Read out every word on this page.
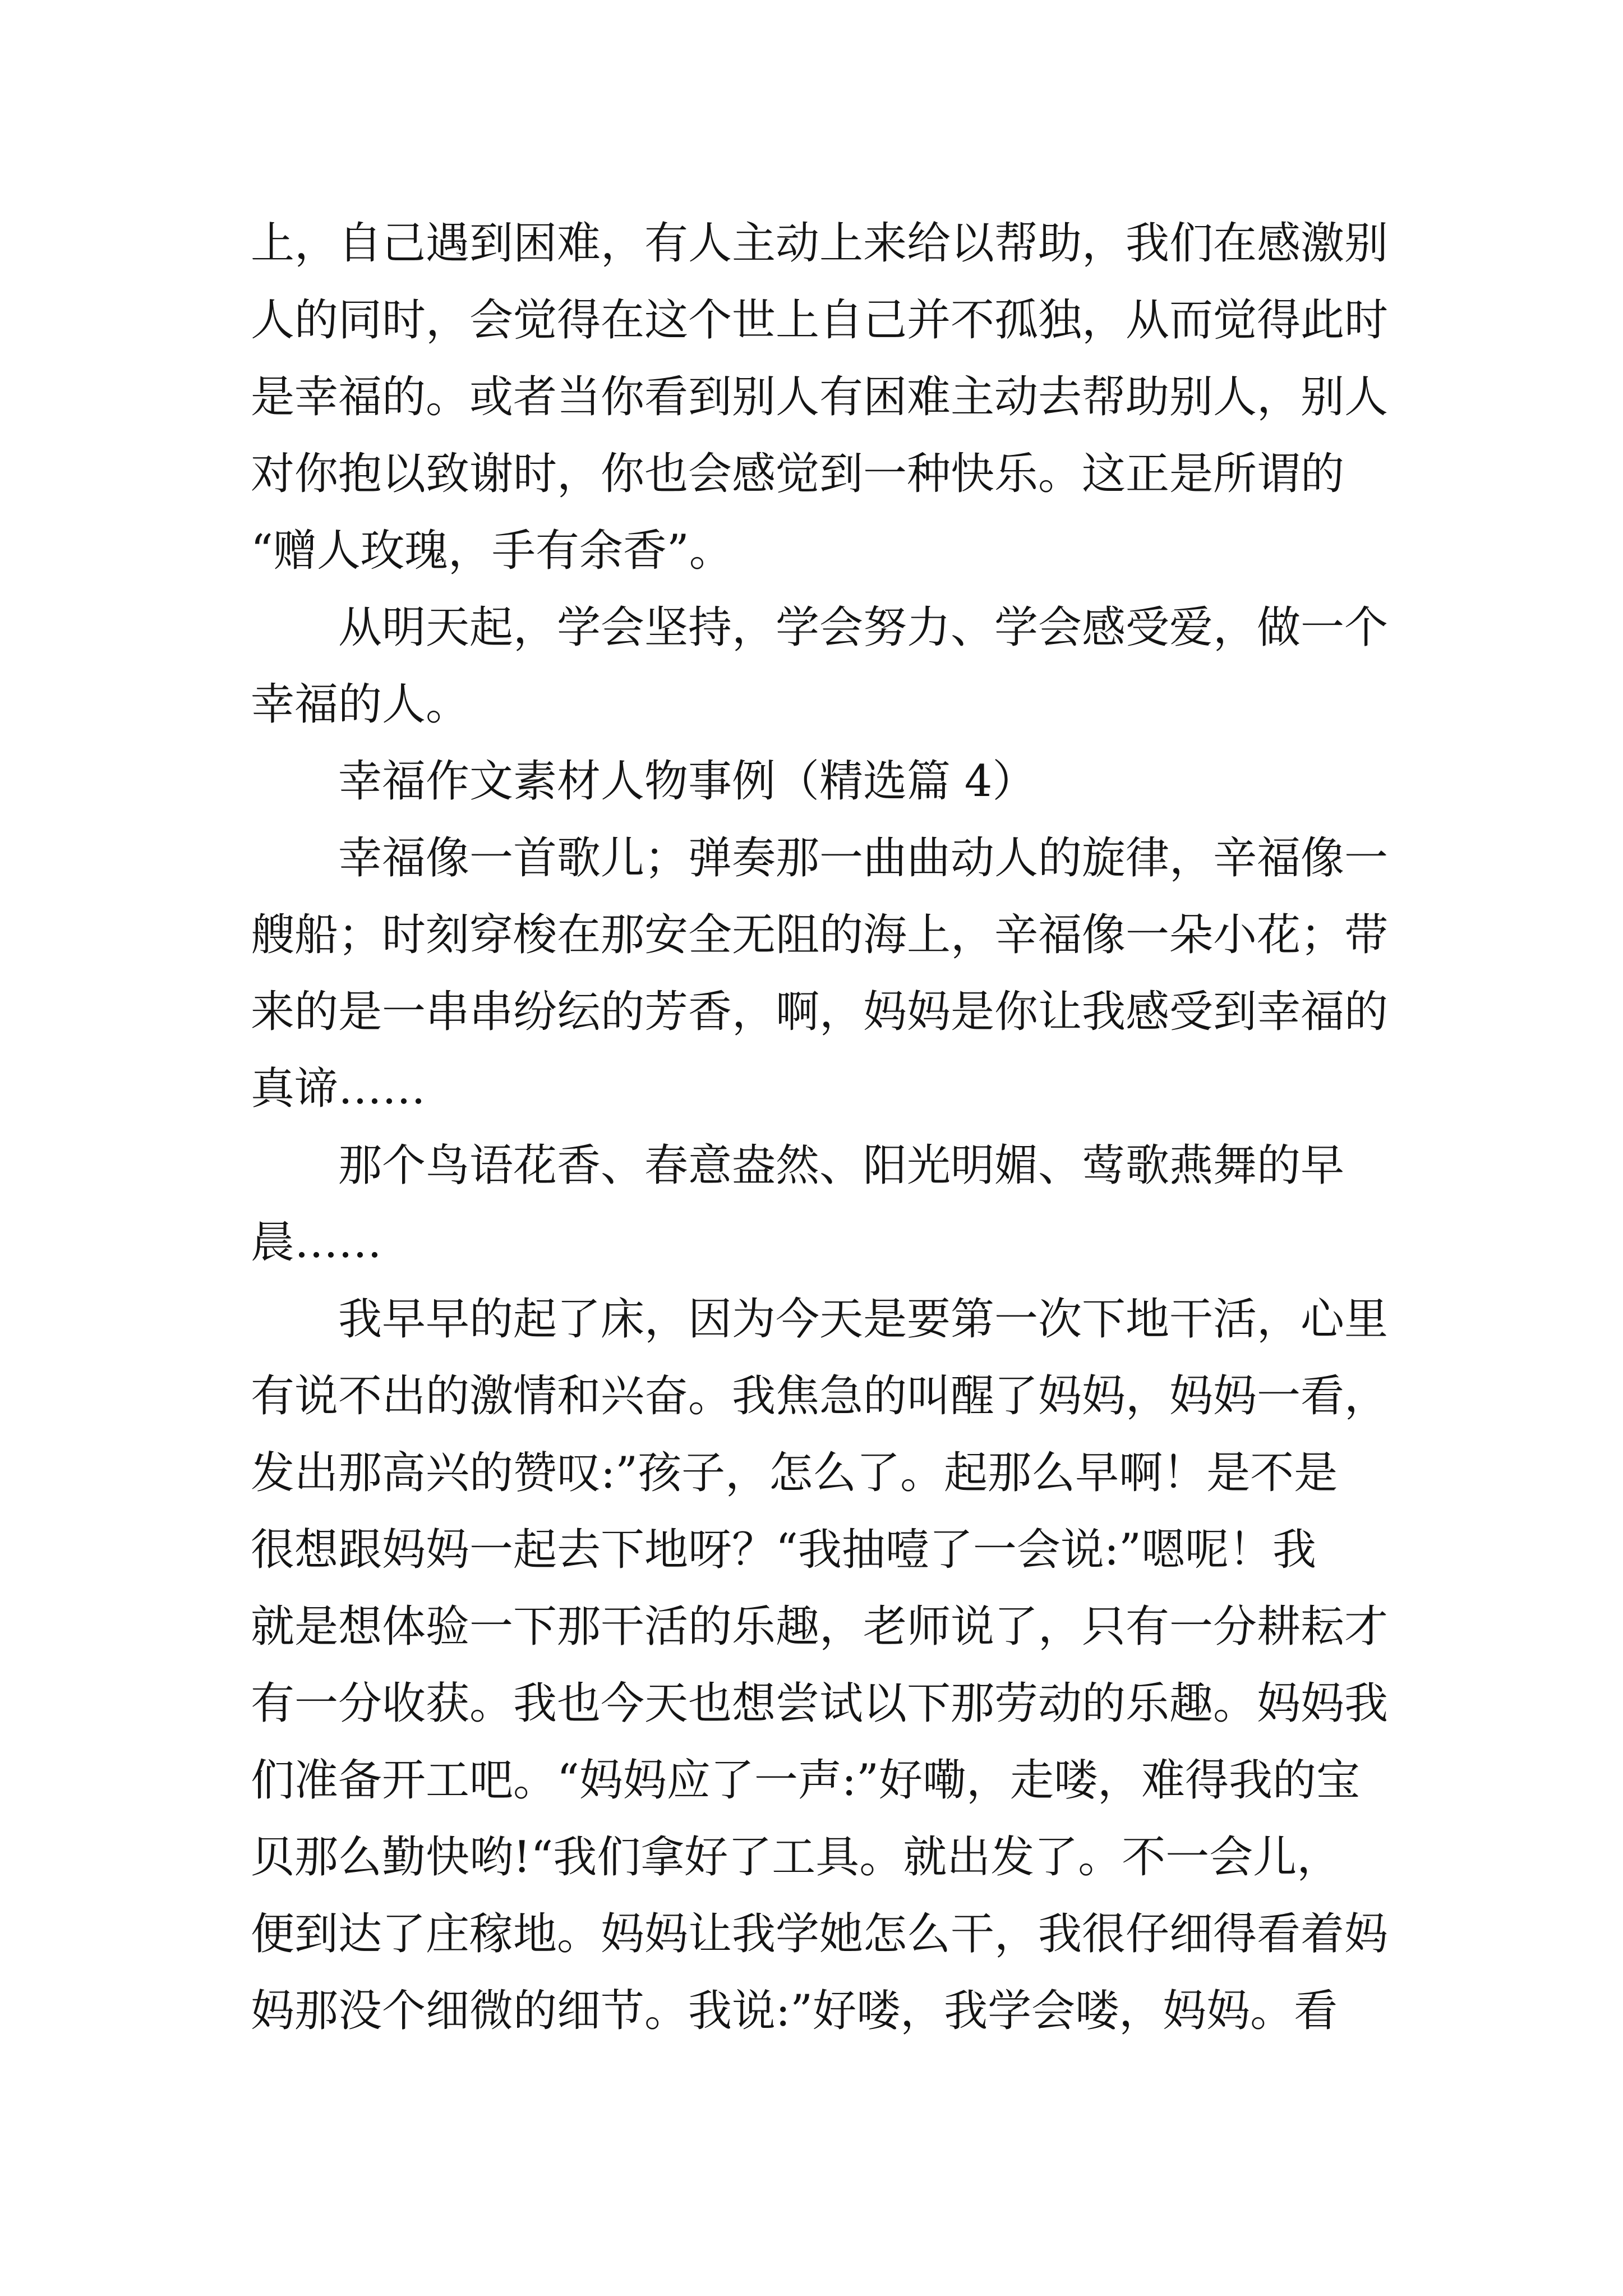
上，自己遇到困难，有人主动上来给以帮助，我们在感激别
人的同时，会觉得在这个世上自己并不孤独，从而觉得此时
是幸福的。或者当你看到别人有困难主动去帮助别人，别人
对你抱以致谢时，你也会感觉到一种快乐。这正是所谓的
“赠人玫瑰，手有余香”。
从明天起，学会坚持，学会努力、学会感受爱，做一个
幸福的人。
幸福作文素材人物事例（精选篇 4）
幸福像一首歌儿；弹奏那一曲曲动人的旋律，辛福像一
艘船；时刻穿梭在那安全无阻的海上，辛福像一朵小花；带
来的是一串串纷纭的芳香，啊，妈妈是你让我感受到幸福的
真谛……
那个鸟语花香、春意盎然、阳光明媚、莺歌燕舞的早
晨……
我早早的起了床，因为今天是要第一次下地干活，心里
有说不出的激情和兴奋。我焦急的叫醒了妈妈，妈妈一看，
发出那高兴的赞叹:”孩子，怎么了。起那么早啊！是不是
很想跟妈妈一起去下地呀？“我抽噎了一会说:”嗯呢！我
就是想体验一下那干活的乐趣，老师说了，只有一分耕耘才
有一分收获。我也今天也想尝试以下那劳动的乐趣。妈妈我
们准备开工吧。“妈妈应了一声:”好嘞，走喽，难得我的宝
贝那么勤快哟!“我们拿好了工具。就出发了。不一会儿，
便到达了庄稼地。妈妈让我学她怎么干，我很仔细得看着妈
妈那没个细微的细节。我说:”好喽，我学会喽，妈妈。看
